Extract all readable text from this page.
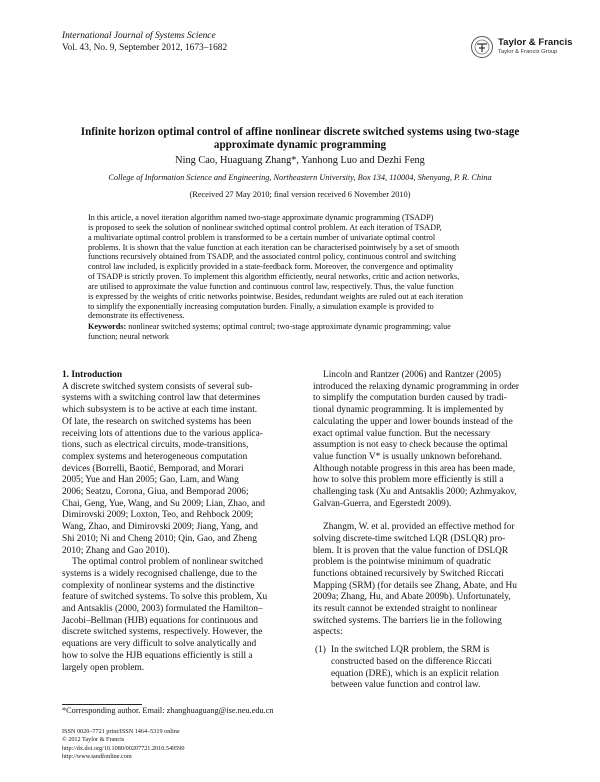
International Journal of Systems Science
Vol. 43, No. 9, September 2012, 1673–1682	Taylor & Francis
Taylor & Francis Group
Infinite horizon optimal control of affine nonlinear discrete switched systems using two-stage
approximate dynamic programming
Ning Cao, Huaguang Zhang*, Yanhong Luo and Dezhi Feng
College of Information Science and Engineering, Northeastern University, Box 134, 110004, Shenyang, P. R. China
(Received 27 May 2010; final version received 6 November 2010)
In this article, a novel iteration algorithm named two-stage approximate dynamic programming (TSADP)
is proposed to seek the solution of nonlinear switched optimal control problem. At each iteration of TSADP,
a multivariate optimal control problem is transformed to be a certain number of univariate optimal control
problems. It is shown that the value function at each iteration can be characterised pointwisely by a set of smooth
functions recursively obtained from TSADP, and the associated control policy, continuous control and switching
control law included, is explicitly provided in a state-feedback form. Moreover, the convergence and optimality
of TSADP is strictly proven. To implement this algorithm efficiently, neural networks, critic and action networks,
are utilised to approximate the value function and continuous control law, respectively. Thus, the value function
is expressed by the weights of critic networks pointwise. Besides, redundant weights are ruled out at each iteration
to simplify the exponentially increasing computation burden. Finally, a simulation example is provided to
demonstrate its effectiveness.
Keywords: nonlinear switched systems; optimal control; two-stage approximate dynamic programming; value
function; neural network
1. Introduction

A discrete switched system consists of several sub-
systems with a switching control law that determines
which subsystem is to be active at each time instant.
Of late, the research on switched systems has been
receiving lots of attentions due to the various applica-
tions, such as electrical circuits, mode-transitions,
complex systems and heterogeneous computation
devices (Borrelli, Baotić, Bemporad, and Morari
2005; Yue and Han 2005; Gao, Lam, and Wang
2006; Seatzu, Corona, Giua, and Bemporad 2006;
Chai, Geng, Yue, Wang, and Su 2009; Lian, Zhao, and
Dimirovski 2009; Loxton, Teo, and Rehbock 2009;
Wang, Zhao, and Dimirovski 2009; Jiang, Yang, and
Shi 2010; Ni and Cheng 2010; Qin, Gao, and Zheng
2010; Zhang and Gao 2010).

The optimal control problem of nonlinear switched
systems is a widely recognised challenge, due to the
complexity of nonlinear systems and the distinctive
feature of switched systems. To solve this problem, Xu
and Antsaklis (2000, 2003) formulated the Hamilton–
Jacobi–Bellman (HJB) equations for continuous and
discrete switched systems, respectively. However, the
equations are very difficult to solve analytically and
how to solve the HJB equations efficiently is still a
largely open problem.

Lincoln and Rantzer (2006) and Rantzer (2005)
introduced the relaxing dynamic programming in order
to simplify the computation burden caused by tradi-
tional dynamic programming. It is implemented by
calculating the upper and lower bounds instead of the
exact optimal value function. But the necessary
assumption is not easy to check because the optimal
value function V* is usually unknown beforehand.
Although notable progress in this area has been made,
how to solve this problem more efficiently is still a
challenging task (Xu and Antsaklis 2000; Azhmyakov,
Galvan-Guerra, and Egerstedt 2009).

Zhangm, W. et al. provided an effective method for
solving discrete-time switched LQR (DSLQR) pro-
blem. It is proven that the value function of DSLQR
problem is the pointwise minimum of quadratic
functions obtained recursively by Switched Riccati
Mapping (SRM) (for details see Zhang, Abate, and Hu
2009a; Zhang, Hu, and Abate 2009b). Unfortunately,
its result cannot be extended straight to nonlinear
switched systems. The barriers lie in the following
aspects:

(1) In the switched LQR problem, the SRM is
constructed based on the difference Riccati
equation (DRE), which is an explicit relation
between value function and control law.
*Corresponding author. Email: zhanghuaguang@ise.neu.edu.cn
ISSN 0020–7721 print/ISSN 1464–5319 online
© 2012 Taylor & Francis
http://dx.doi.org/10.1080/00207721.2010.549590
http://www.tandfonline.com
